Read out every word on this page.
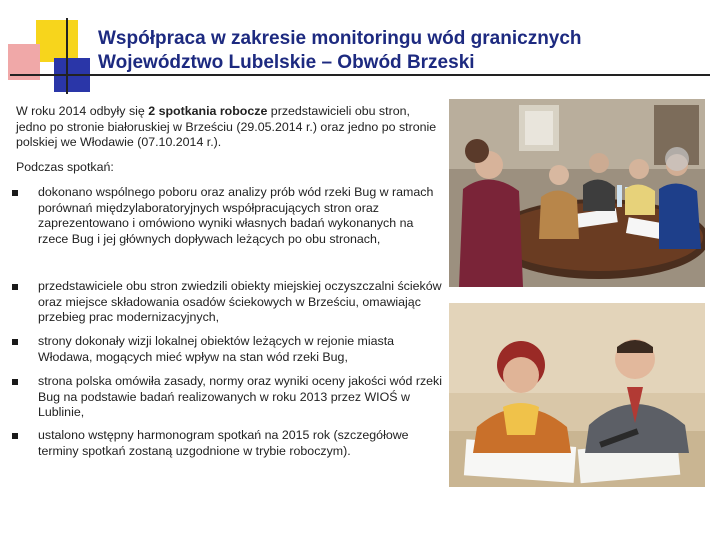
Współpraca w zakresie monitoringu wód granicznych
Województwo Lubelskie – Obwód Brzeski

W roku 2014 odbyły się 2 spotkania robocze przedstawicieli obu stron, jedno po stronie białoruskiej w Brześciu (29.05.2014 r.) oraz jedno po stronie polskiej we Włodawie (07.10.2014 r.).

Podczas spotkań:

dokonano wspólnego poboru oraz analizy prób wód rzeki Bug w ramach porównań międzylaboratoryjnych współpracujących stron oraz zaprezentowano i omówiono wyniki własnych badań wykonanych na rzece Bug i jej głównych dopływach leżących po obu stronach,
przedstawiciele obu stron zwiedzili obiekty miejskiej oczyszczalni ścieków oraz miejsce składowania osadów ściekowych w Brześciu, omawiając przebieg prac modernizacyjnych,
strony dokonały wizji lokalnej obiektów leżących w rejonie miasta Włodawa, mogących mieć wpływ na stan wód rzeki Bug,
strona polska omówiła zasady, normy oraz wyniki oceny jakości wód rzeki Bug na podstawie badań realizowanych w roku 2013 przez WIOŚ w Lublinie,
ustalono wstępny harmonogram spotkań na 2015 rok (szczegółowe terminy spotkań zostaną uzgodnione w trybie roboczym).
